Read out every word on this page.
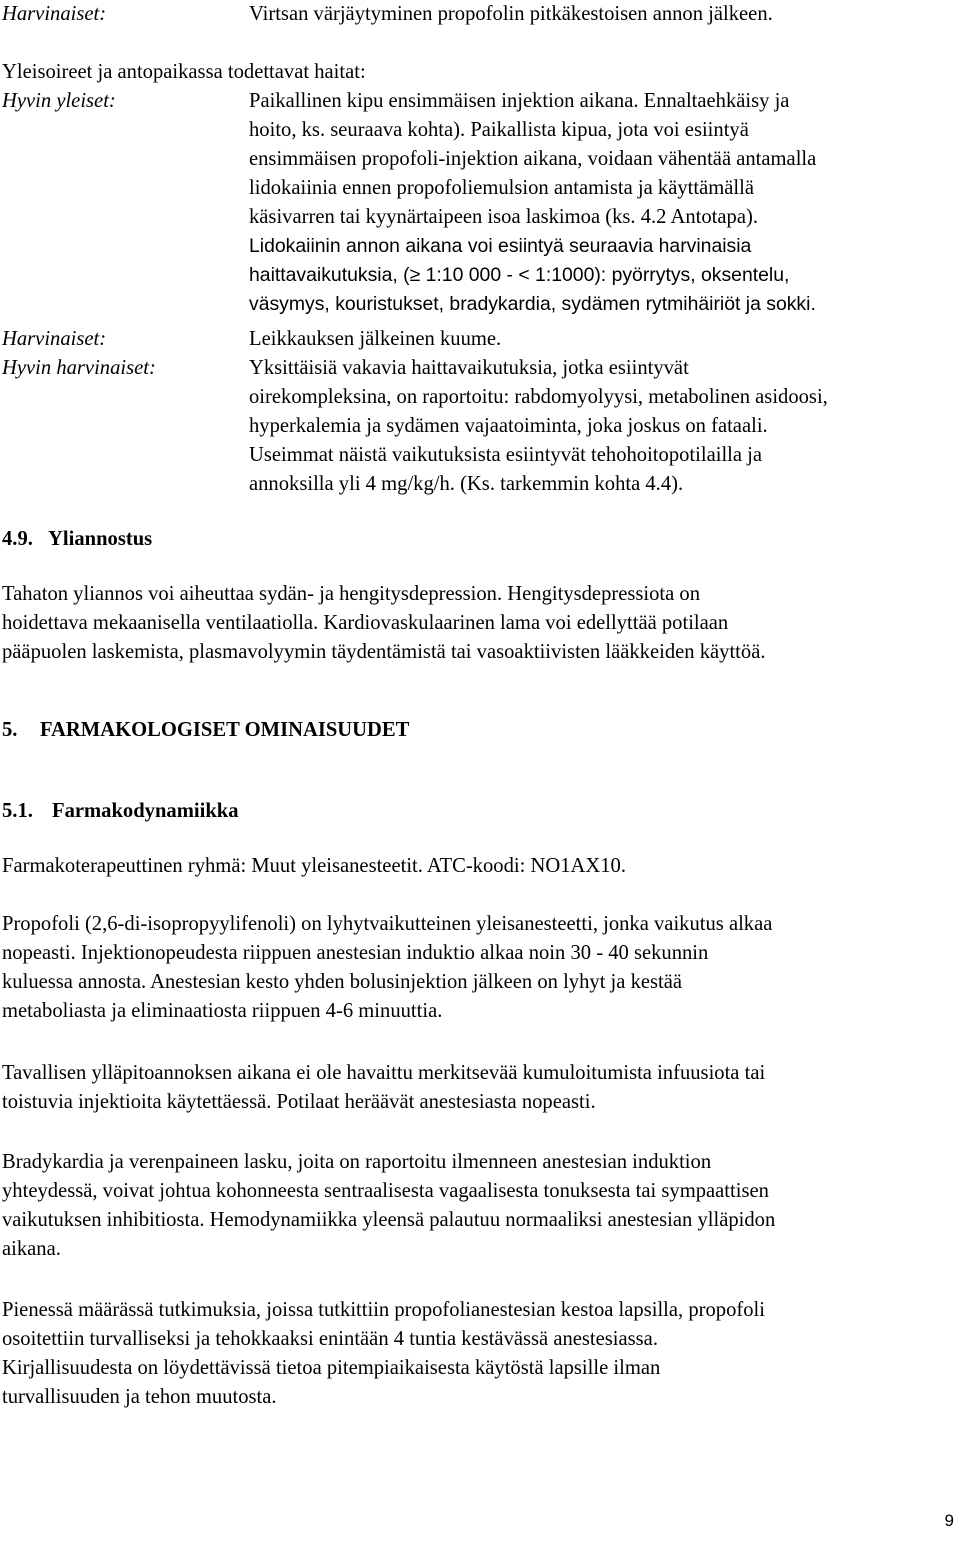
Harvinaiset:	Virtsan värjäytyminen propofolin pitkäkestoisen annon jälkeen.
Yleisoireet ja antopaikassa todettavat haitat:
Hyvin yleiset:	Paikallinen kipu ensimmäisen injektion aikana. Ennaltaehkäisy ja
hoito, ks. seuraava kohta). Paikallista kipua, jota voi esiintyä
ensimmäisen propofoli-injektion aikana, voidaan vähentää antamalla
lidokaiinia ennen propofoliemulsion antamista ja käyttämällä
käsivarren tai kyynärtaipeen isoa laskimoa (ks. 4.2 Antotapa).
Lidokaiinin annon aikana voi esiintyä seuraavia harvinaisia
haittavaikutuksia, (≥ 1:10 000 - < 1:1000): pyörrytys, oksentelu,
väsymys, kouristukset, bradykardia, sydämen rytmihäiriöt ja sokki.
Harvinaiset:	Leikkauksen jälkeinen kuume.
Hyvin harvinaiset:	Yksittäisiä vakavia haittavaikutuksia, jotka esiintyvät
oirekompleksina, on raportoitu: rabdomyolyysi, metabolinen asidoosi,
hyperkalemia ja sydämen vajaatoiminta, joka joskus on fataali.
Useimmat näistä vaikutuksista esiintyvät tehohoitopotilailla ja
annoksilla yli 4 mg/kg/h. (Ks. tarkemmin kohta 4.4).
4.9. Yliannostus

Tahaton yliannos voi aiheuttaa sydän- ja hengitysdepression. Hengitysdepressiota on

hoidettava mekaanisella ventilaatiolla. Kardiovaskulaarinen lama voi edellyttää potilaan

pääpuolen laskemista, plasmavolyymin täydentämistä tai vasoaktiivisten lääkkeiden käyttöä.

5. FARMAKOLOGISET OMINAISUUDET
5.1. Farmakodynamiikka

Farmakoterapeuttinen ryhmä: Muut yleisanesteetit. ATC-koodi: NO1AX10.

Propofoli (2,6-di-isopropyylifenoli) on lyhytvaikutteinen yleisanesteetti, jonka vaikutus alkaa

nopeasti. Injektionopeudesta riippuen anestesian induktio alkaa noin 30 - 40 sekunnin

kuluessa annosta. Anestesian kesto yhden bolusinjektion jälkeen on lyhyt ja kestää

metaboliasta ja eliminaatiosta riippuen 4-6 minuuttia.

Tavallisen ylläpitoannoksen aikana ei ole havaittu merkitsevää kumuloitumista infuusiota tai

toistuvia injektioita käytettäessä. Potilaat heräävät anestesiasta nopeasti.

Bradykardia ja verenpaineen lasku, joita on raportoitu ilmenneen anestesian induktion

yhteydessä, voivat johtua kohonneesta sentraalisesta vagaalisesta tonuksesta tai sympaattisen

vaikutuksen inhibitiosta. Hemodynamiikka yleensä palautuu normaaliksi anestesian ylläpidon

aikana.

Pienessä määrässä tutkimuksia, joissa tutkittiin propofolianestesian kestoa lapsilla, propofoli

osoitettiin turvalliseksi ja tehokkaaksi enintään 4 tuntia kestävässä anestesiassa.

Kirjallisuudesta on löydettävissä tietoa pitempiaikaisesta käytöstä lapsille ilman

turvallisuuden ja tehon muutosta.

9
